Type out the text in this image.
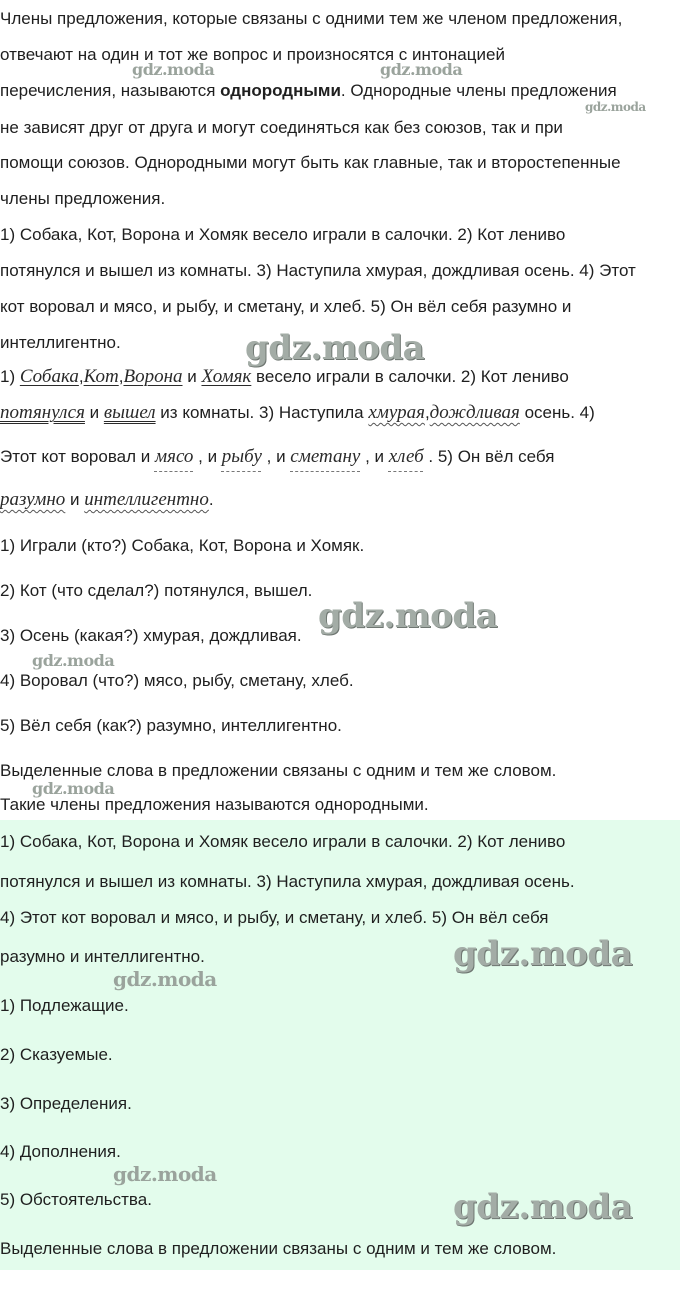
Члены предложения, которые связаны с одними тем же членом предложения,
отвечают на один и тот же вопрос и произносятся с интонацией
перечисления, называются однородными. Однородные члены предложения
не зависят друг от друга и могут соединяться как без союзов, так и при
помощи союзов. Однородными могут быть как главные, так и второстепенные
члены предложения.
1) Собака, Кот, Ворона и Хомяк весело играли в салочки. 2) Кот лениво
потянулся и вышел из комнаты. 3) Наступила хмурая, дождливая осень. 4) Этот
кот воровал и мясо, и рыбу, и сметану, и хлеб. 5) Он вёл себя разумно и
интеллигентно.
1) Собака,Кот,Ворона и Хомяк весело играли в салочки. 2) Кот лениво
потянулся и вышел из комнаты. 3) Наступила хмурая,дождливая осень. 4)
Этот кот воровал и мясо , и рыбу , и сметану , и хлеб . 5) Он вёл себя
разумно и интеллигентно.
1) Играли (кто?) Собака, Кот, Ворона и Хомяк.
2) Кот (что сделал?) потянулся, вышел.
3) Осень (какая?) хмурая, дождливая.
4) Воровал (что?) мясо, рыбу, сметану, хлеб.
5) Вёл себя (как?) разумно, интеллигентно.
Выделенные слова в предложении связаны с одним и тем же словом.
Такие члены предложения называются однородными.
1) Собака, Кот, Ворона и Хомяк весело играли в салочки. 2) Кот лениво
потянулся и вышел из комнаты. 3) Наступила хмурая, дождливая осень.
4) Этот кот воровал и мясо, и рыбу, и сметану, и хлеб. 5) Он вёл себя
разумно и интеллигентно.
1) Подлежащие.
2) Сказуемые.
3) Определения.
4) Дополнения.
5) Обстоятельства.
Выделенные слова в предложении связаны с одним и тем же словом.
gdz.moda	gdz.moda
gdz.moda
gdz.moda
gdz.moda
gdz.moda
gdz.moda
gdz.moda
gdz.moda
gdz.moda
gdz.moda
